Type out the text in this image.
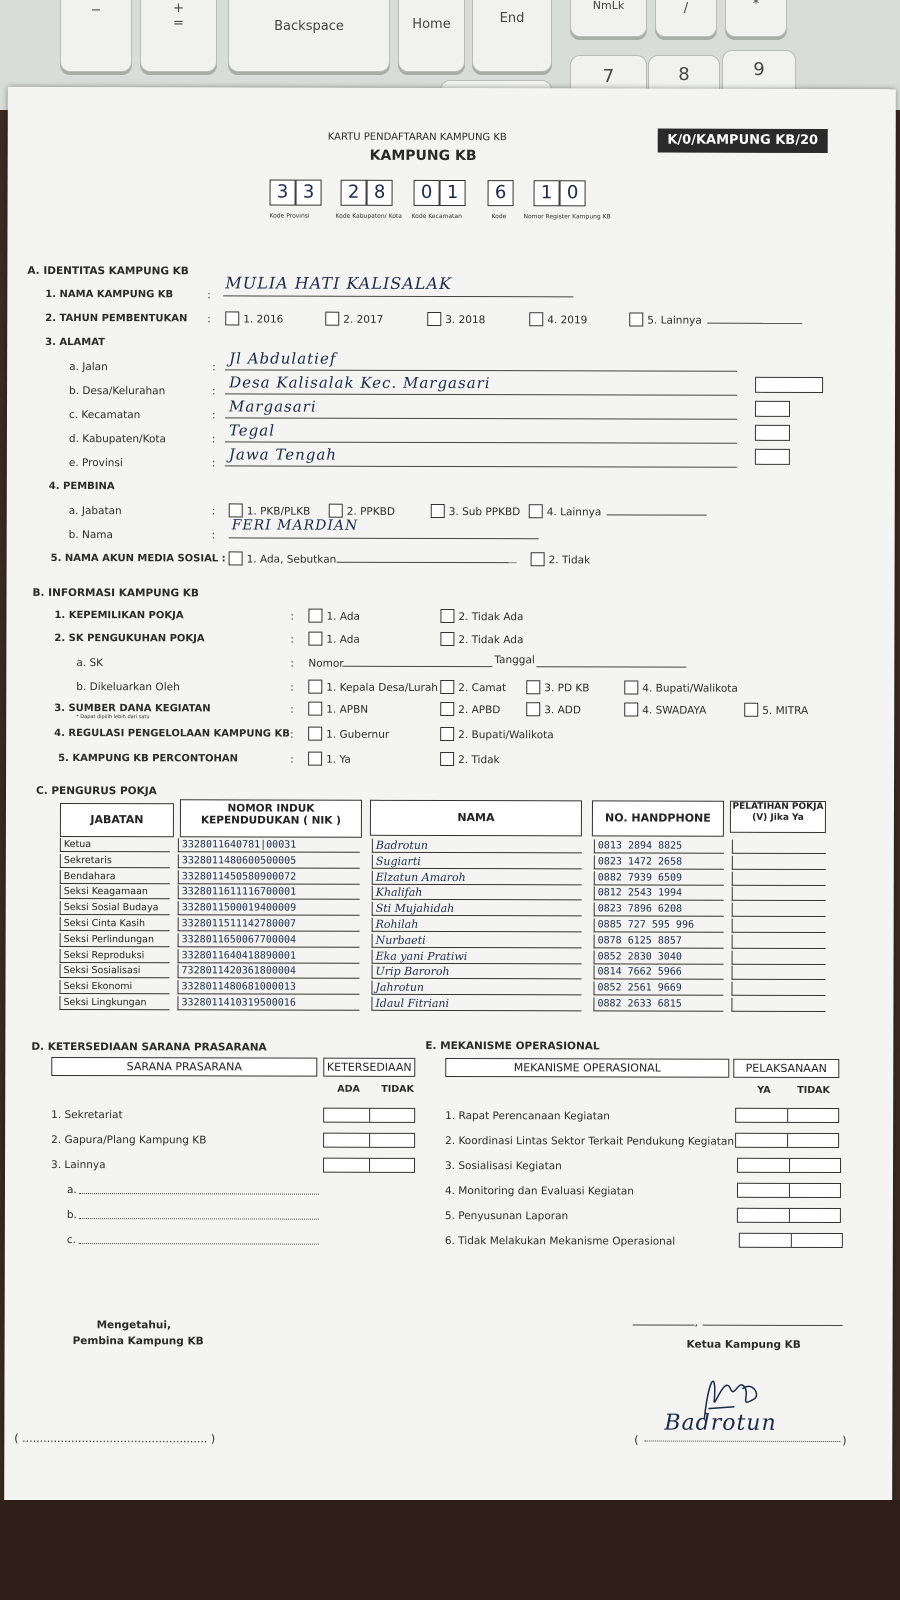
−	+
=	Backspace	Home	End
NmLk	/	*
7	8	9
KARTU PENDAFTARAN KAMPUNG KB
KAMPUNG KB
K/0/KAMPUNG KB/20
3 3	2 8	0 1	6	1 0
Kode Provinsi	Kode Kabupaten/ Kota Kode Kecamatan	Kode	Nomor Register Kampung KB
A. IDENTITAS KAMPUNG KB
1. NAMA KAMPUNG KB	:
MULIA HATI KALISALAK
2. TAHUN PEMBENTUKAN :	1. 2016	2. 2017	3. 2018	4. 2019	5. Lainnya
3. ALAMAT
a. Jalan	: Jl Abdulatief
b. Desa/Kelurahan	: Desa Kalisalak Kec. Margasari
c. Kecamatan	: Margasari
d. Kabupaten/Kota	: Tegal
e. Provinsi	: Jawa Tengah
4. PEMBINA
a. Jabatan	:	1. PKB/PLKB	2. PPKBD	3. Sub PPKBD	4. Lainnya
b. Nama	:
FERI MARDIAN
5. NAMA AKUN MEDIA SOSIAL : 1. Ada, Sebutkan	2. Tidak
B. INFORMASI KAMPUNG KB
1. KEPEMILIKAN POKJA	:	1. Ada	2. Tidak Ada
2. SK PENGUKUHAN POKJA	:	1. Ada	2. Tidak Ada
a. SK	: Nomor	Tanggal
b. Dikeluarkan Oleh	:	1. Kepala Desa/Lurah 2. Camat	3. PD KB	4. Bupati/Walikota
3. SUMBER DANA KEGIATAN
* Dapat dipilih lebih dari satu
:	1. APBN	2. APBD	3. ADD	4. SWADAYA	5. MITRA
4. REGULASI PENGELOLAAN KAMPUNG KB :	1. Gubernur	2. Bupati/Walikota
5. KAMPUNG KB PERCONTOHAN	:	1. Ya	2. Tidak
C. PENGURUS POKJA
JABATAN
NOMOR INDUK KEPENDUDUKAN ( NIK )	NAMA	NO. HANDPHONE
PELATIHAN POKJA (V) Jika Ya
Ketua	3328011640781|00031	Badrotun	0813 2894 8825
Sekretaris	3328011480600500005	Sugiarti	0823 1472 2658
Bendahara	3328011450580900072	Elzatun Amaroh	0882 7939 6509
Seksi Keagamaan	3328011611116700001	Khalifah	0812 2543 1994
Seksi Sosial Budaya	3328011500019400009	Sti Mujahidah	0823 7896 6208
Seksi Cinta Kasih	3328011511142780007	Rohilah	0885 727 595 996
Seksi Perlindungan	3328011650067700004	Nurbaeti	0878 6125 8857
Seksi Reproduksi	3328011640418890001	Eka yani Pratiwi	0852 2830 3040
Seksi Sosialisasi	7328011420361800004	Urip Baroroh	0814 7662 5966
Seksi Ekonomi	3328011480681000013	Jahrotun	0852 2561 9669
Seksi Lingkungan	3328011410319500016	Idaul Fitriani	0882 2633 6815
D. KETERSEDIAAN SARANA PRASARANA
SARANA PRASARANA	KETERSEDIAAN
ADA TIDAK
1. Sekretariat
2. Gapura/Plang Kampung KB
3. Lainnya
a.
b.
c.
E. MEKANISME OPERASIONAL
MEKANISME OPERASIONAL	PELAKSANAAN
YA	TIDAK
1. Rapat Perencanaan Kegiatan
2. Koordinasi Lintas Sektor Terkait Pendukung Kegiatan
3. Sosialisasi Kegiatan
4. Monitoring dan Evaluasi Kegiatan
5. Penyusunan Laporan
6. Tidak Melakukan Mekanisme Operasional
Mengetahui,
Pembina Kampung KB
,
Ketua Kampung KB
( ..................................................... )	(
Badrotun
)
